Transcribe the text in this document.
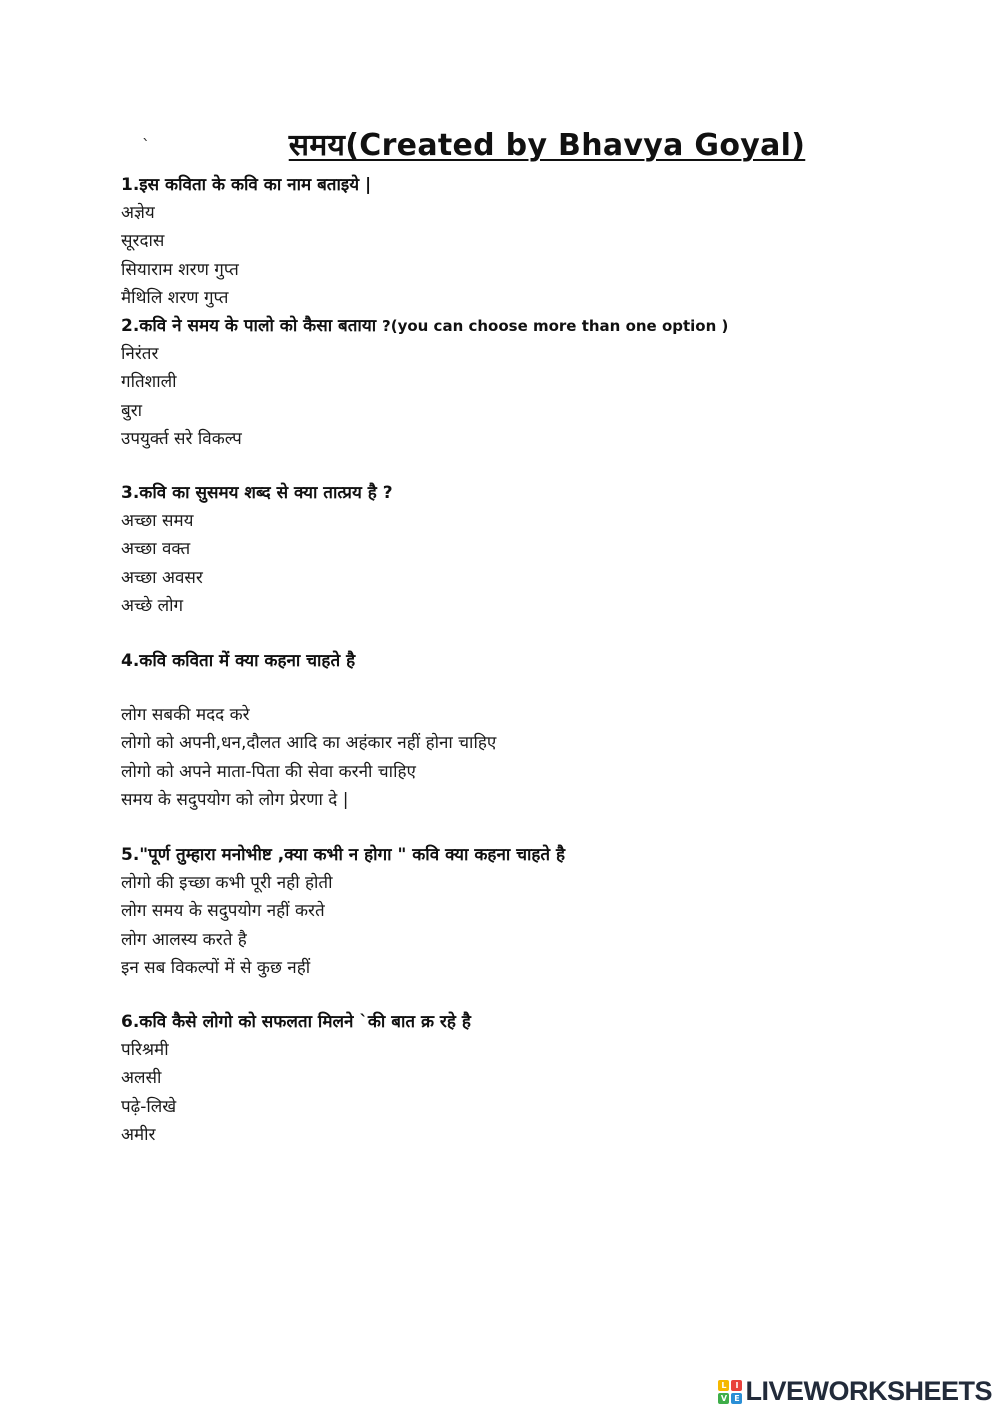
`	समय(Created by Bhavya Goyal)
1.इस कविता के कवि का नाम बताइये |
अज्ञेय
सूरदास
सियाराम शरण गुप्त
मैथिलि शरण गुप्त
2.कवि ने समय के पालो को कैसा बताया ?(you can choose more than one option )
निरंतर
गतिशाली
बुरा
उपयुर्क्त सरे विकल्प
3.कवि का सुसमय शब्द से क्या तात्प्रय है ?
अच्छा समय
अच्छा वक्त
अच्छा अवसर
अच्छे लोग
4.कवि कविता में क्या कहना चाहते है
लोग सबकी मदद करे
लोगो को अपनी,धन,दौलत आदि का अहंकार नहीं होना चाहिए
लोगो को अपने माता-पिता की सेवा करनी चाहिए
समय के सदुपयोग को लोग प्रेरणा दे |
5."पूर्ण तुम्हारा मनोभीष्ट ,क्या कभी न होगा " कवि क्या कहना चाहते है
लोगो की इच्छा कभी पूरी नही होती
लोग समय के सदुपयोग नहीं करते
लोग आलस्य करते है
इन सब विकल्पों में से कुछ नहीं
6.कवि कैसे लोगो को सफलता मिलने `की बात क्र रहे है
परिश्रमी
अलसी
पढ़े-लिखे
अमीर
L	I
V E LIVEWORKSHEETS
